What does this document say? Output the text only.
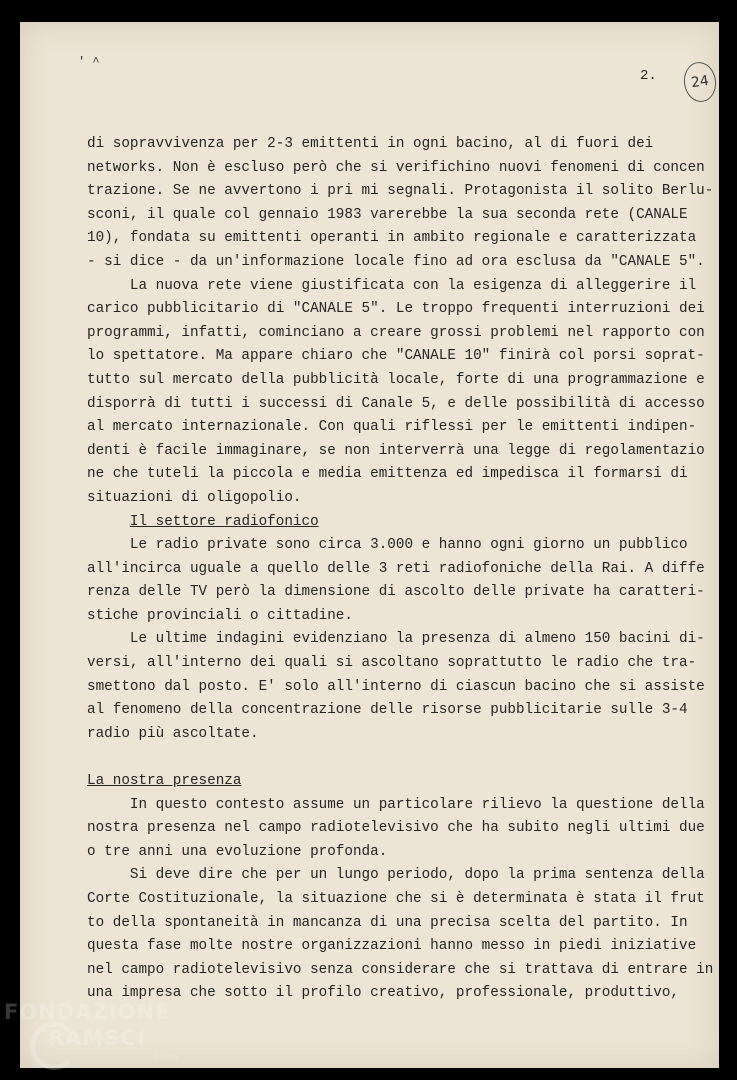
' ^
24
2.
di sopravvivenza per 2-3 emittenti in ogni bacino, al di fuori dei
networks. Non è escluso però che si verifichino nuovi fenomeni di concen
trazione. Se ne avvertono i pri mi segnali. Protagonista il solito Berlu-
sconi, il quale col gennaio 1983 varerebbe la sua seconda rete (CANALE
10), fondata su emittenti operanti in ambito regionale e caratterizzata
- si dice - da un'informazione locale fino ad ora esclusa da "CANALE 5".
La nuova rete viene giustificata con la esigenza di alleggerire il
carico pubblicitario di "CANALE 5". Le troppo frequenti interruzioni dei
programmi, infatti, cominciano a creare grossi problemi nel rapporto con
lo spettatore. Ma appare chiaro che "CANALE 10" finirà col porsi soprat-
tutto sul mercato della pubblicità locale, forte di una programmazione e
disporrà di tutti i successi di Canale 5, e delle possibilità di accesso
al mercato internazionale. Con quali riflessi per le emittenti indipen-
denti è facile immaginare, se non interverrà una legge di regolamentazio
ne che tuteli la piccola e media emittenza ed impedisca il formarsi di
situazioni di oligopolio.
Il settore radiofonico
Le radio private sono circa 3.000 e hanno ogni giorno un pubblico
all'incirca uguale a quello delle 3 reti radiofoniche della Rai. A diffe
renza delle TV però la dimensione di ascolto delle private ha caratteri-
stiche provinciali o cittadine.
Le ultime indagini evidenziano la presenza di almeno 150 bacini di-
versi, all'interno dei quali si ascoltano soprattutto le radio che tra-
smettono dal posto. E' solo all'interno di ciascun bacino che si assiste
al fenomeno della concentrazione delle risorse pubblicitarie sulle 3-4
radio più ascoltate.
La nostra presenza
In questo contesto assume un particolare rilievo la questione della
nostra presenza nel campo radiotelevisivo che ha subito negli ultimi due
o tre anni una evoluzione profonda.
Si deve dire che per un lungo periodo, dopo la prima sentenza della
Corte Costituzionale, la situazione che si è determinata è stata il frut
to della spontaneità in mancanza di una precisa scelta del partito. In
questa fase molte nostre organizzazioni hanno messo in piedi iniziative
nel campo radiotelevisivo senza considerare che si trattava di entrare in
una impresa che sotto il profilo creativo, professionale, produttivo,
FONDAZIONE
RAMSCI
onlus
